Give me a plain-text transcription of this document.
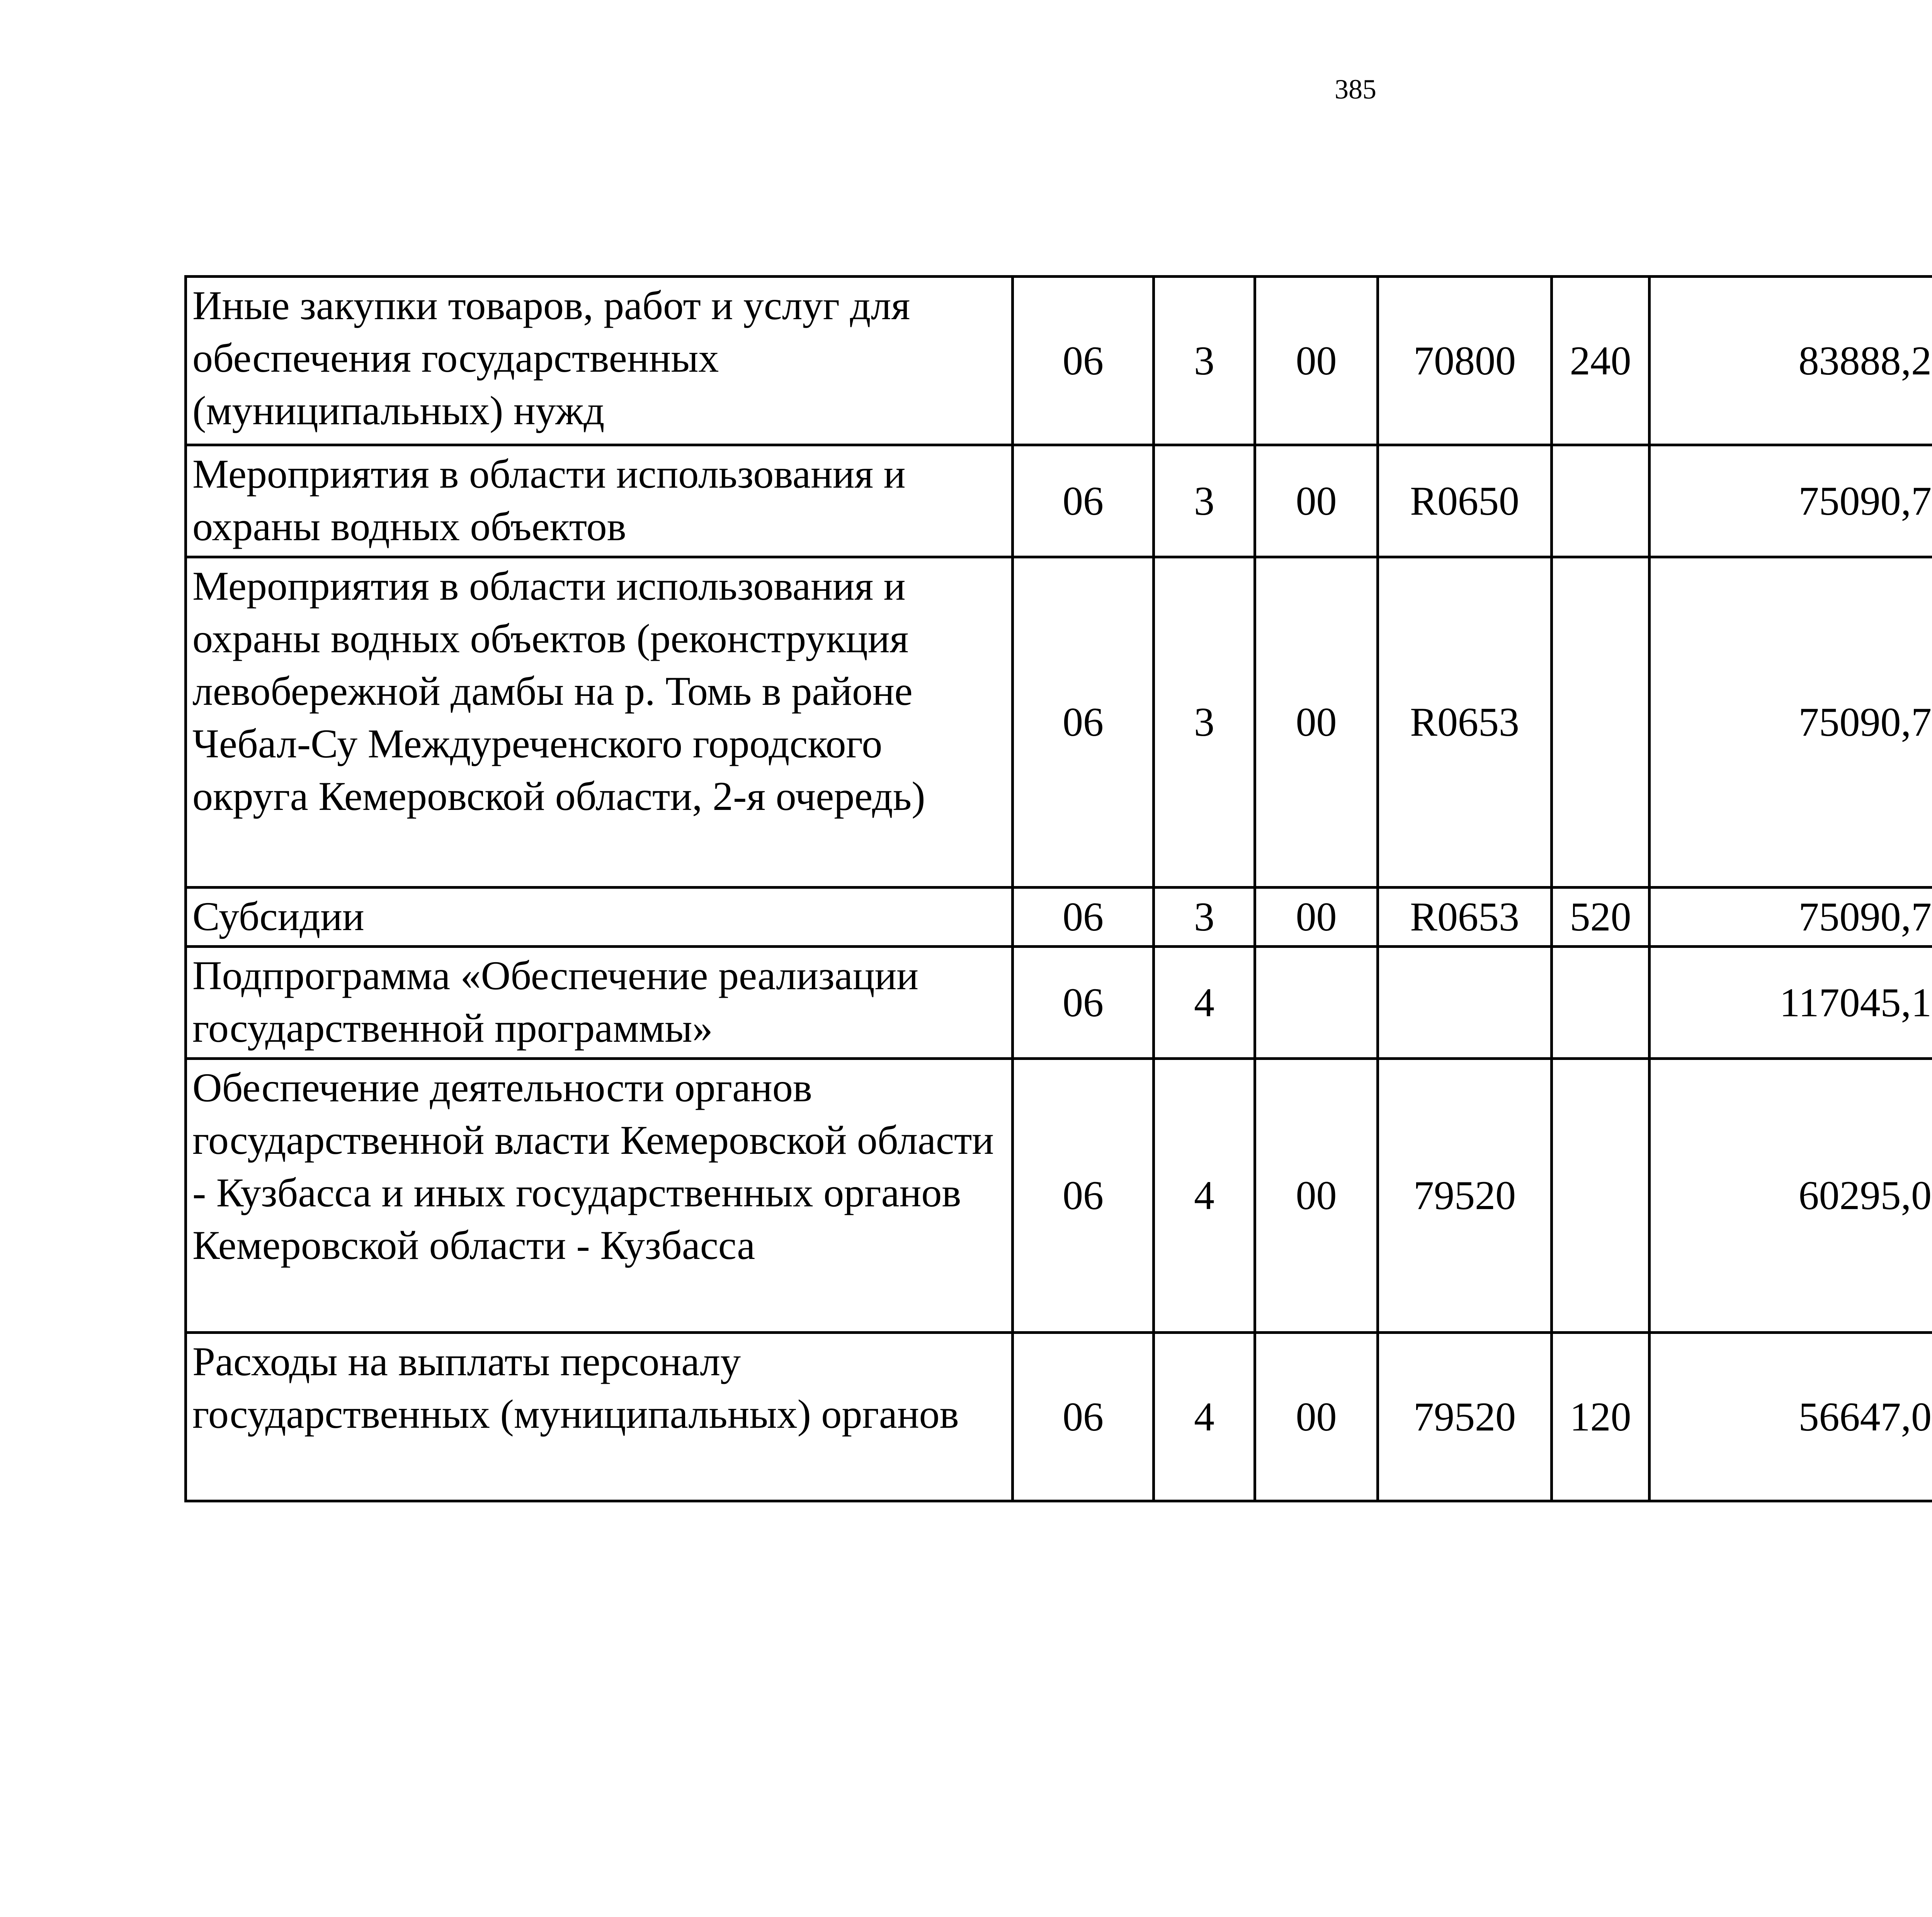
385
Иные закупки товаров, работ и услуг для обеспечения государственных (муниципальных) нужд	06	3	00	70800	240	83888,2		
Мероприятия в области использования и охраны водных объектов	06	3	00	R0650		75090,7		
Мероприятия в области использования и охраны водных объектов (реконструкция левобережной дамбы на р. Томь в районе Чебал-Су Междуреченского городского округа Кемеровской области, 2-я очередь)	06	3	00	R0653		75090,7		
Субсидии	06	3	00	R0653	520	75090,7		
Подпрограмма «Обеспечение реализации государственной программы»	06	4				117045,1		
Обеспечение деятельности органов государственной власти Кемеровской области - Кузбасса и иных государственных органов Кемеровской области - Кузбасса	06	4	00	79520		60295,0		
Расходы на выплаты персоналу государственных (муниципальных) органов	06	4	00	79520	120	56647,0		
